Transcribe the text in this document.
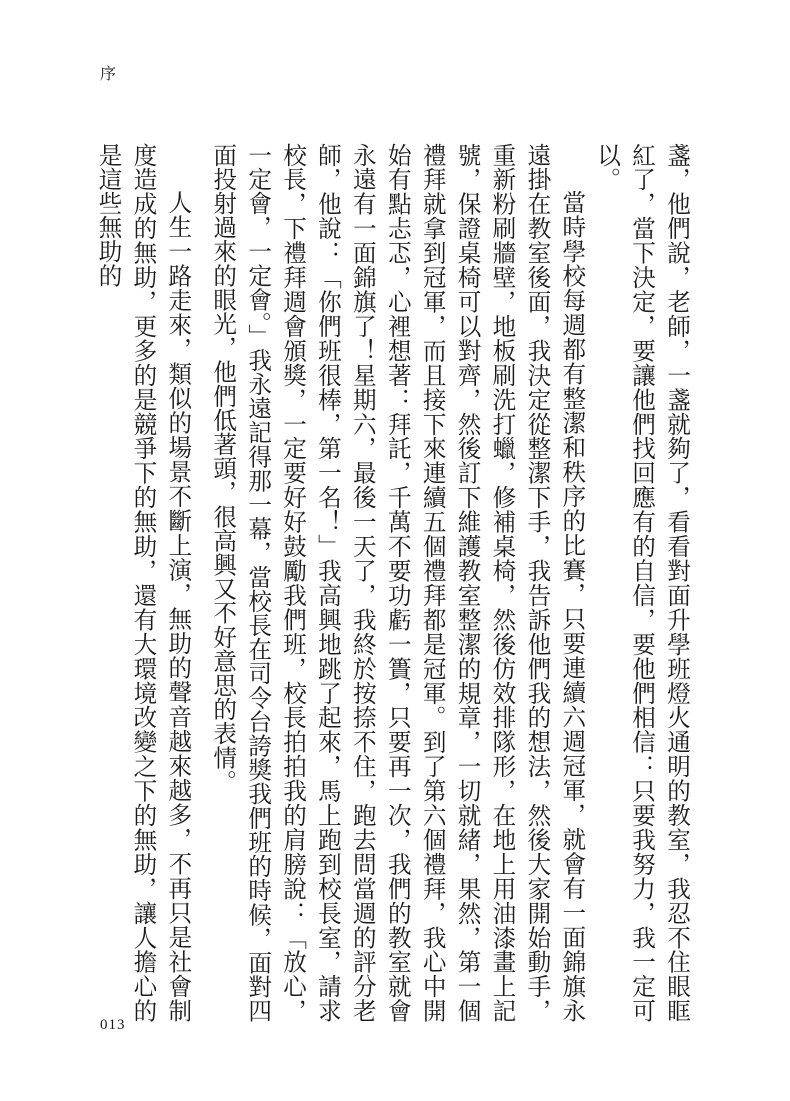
序

盞，他們說，老師，一盞就夠了，看看對面升學班燈火通明的教室，我忍不住眼眶紅了，當下決定，要讓他們找回應有的自信，要他們相信：只要我努力，我一定可以。

當時學校每週都有整潔和秩序的比賽，只要連續六週冠軍，就會有一面錦旗永遠掛在教室後面，我決定從整潔下手，我告訴他們我的想法，然後大家開始動手，重新粉刷牆壁，地板刷洗打蠟，修補桌椅，然後仿效排隊形，在地上用油漆畫上記號，保證桌椅可以對齊，然後訂下維護教室整潔的規章，一切就緒，果然，第一個禮拜就拿到冠軍，而且接下來連續五個禮拜都是冠軍。到了第六個禮拜，我心中開始有點忐忑，心裡想著：拜託，千萬不要功虧一簣，只要再一次，我們的教室就會永遠有一面錦旗了！星期六，最後一天了，我終於按捺不住，跑去問當週的評分老師，他說：「你們班很棒，第一名！」我高興地跳了起來，馬上跑到校長室，請求校長，下禮拜週會頒獎，一定要好好鼓勵我們班，校長拍拍我的肩膀說：「放心，一定會，一定會。」我永遠記得那一幕，當校長在司令台誇獎我們班的時候，面對四面投射過來的眼光，他們低著頭，很高興又不好意思的表情。

人生一路走來，類似的場景不斷上演，無助的聲音越來越多，不再只是社會制度造成的無助，更多的是競爭下的無助，還有大環境改變之下的無助，讓人擔心的是這些無助的

013
